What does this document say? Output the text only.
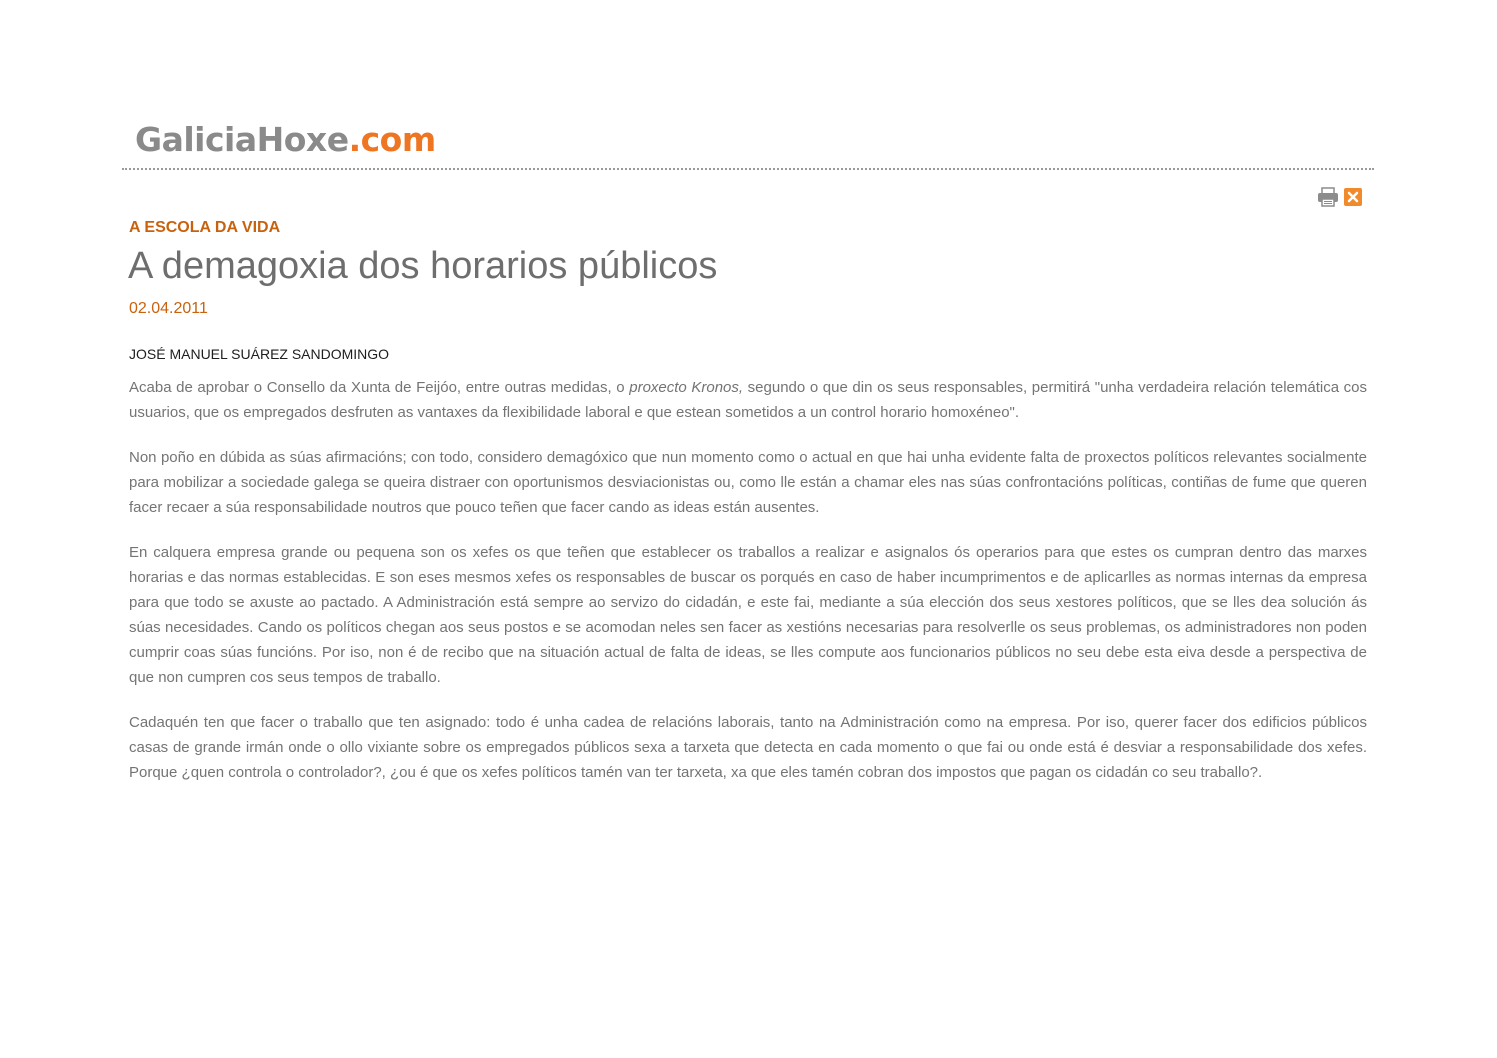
GaliciaHoxe.com
A ESCOLA DA VIDA
A demagoxia dos horarios públicos
02.04.2011
JOSÉ MANUEL SUÁREZ SANDOMINGO

Acaba de aprobar o Consello da Xunta de Feijóo, entre outras medidas, o proxecto Kronos, segundo o que din os seus responsables, permitirá "unha verdadeira relación telemática cos usuarios, que os empregados desfruten as vantaxes da flexibilidade laboral e que estean sometidos a un control horario homoxéneo".

Non poño en dúbida as súas afirmacións; con todo, considero demagóxico que nun momento como o actual en que hai unha evidente falta de proxectos políticos relevantes socialmente para mobilizar a sociedade galega se queira distraer con oportunismos desviacionistas ou, como lle están a chamar eles nas súas confrontacións políticas, contiñas de fume que queren facer recaer a súa responsabilidade noutros que pouco teñen que facer cando as ideas están ausentes.

En calquera empresa grande ou pequena son os xefes os que teñen que establecer os traballos a realizar e asignalos ós operarios para que estes os cumpran dentro das marxes horarias e das normas establecidas. E son eses mesmos xefes os responsables de buscar os porqués en caso de haber incumprimentos e de aplicarlles as normas internas da empresa para que todo se axuste ao pactado. A Administración está sempre ao servizo do cidadán, e este fai, mediante a súa elección dos seus xestores políticos, que se lles dea solución ás súas necesidades. Cando os políticos chegan aos seus postos e se acomodan neles sen facer as xestións necesarias para resolverlle os seus problemas, os administradores non poden cumprir coas súas funcións. Por iso, non é de recibo que na situación actual de falta de ideas, se lles compute aos funcionarios públicos no seu debe esta eiva desde a perspectiva de que non cumpren cos seus tempos de traballo.

Cadaquén ten que facer o traballo que ten asignado: todo é unha cadea de relacións laborais, tanto na Administración como na empresa. Por iso, querer facer dos edificios públicos casas de grande irmán onde o ollo vixiante sobre os empregados públicos sexa a tarxeta que detecta en cada momento o que fai ou onde está é desviar a responsabilidade dos xefes. Porque ¿quen controla o controlador?, ¿ou é que os xefes políticos tamén van ter tarxeta, xa que eles tamén cobran dos impostos que pagan os cidadán co seu traballo?.
